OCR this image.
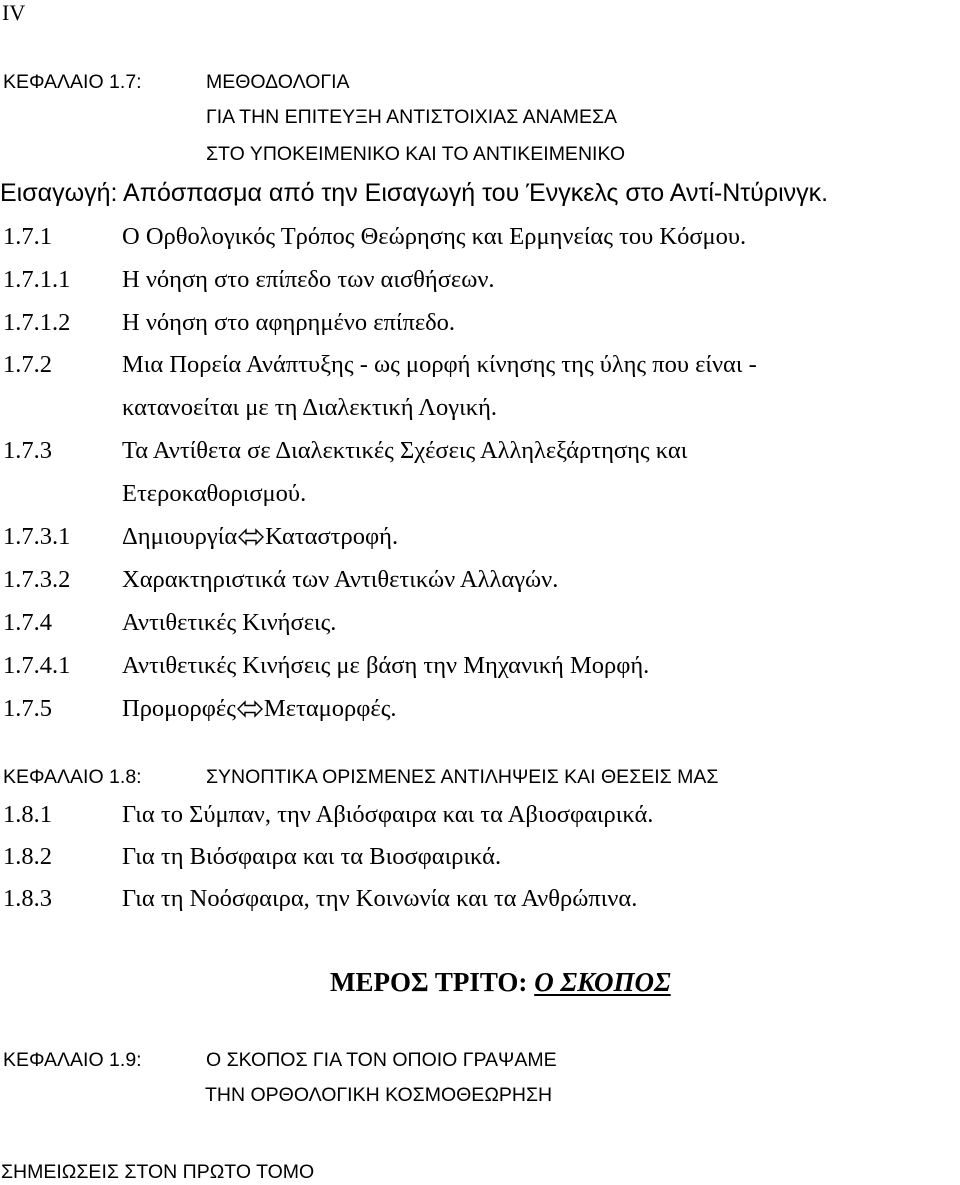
IV
ΚΕΦΑΛΑΙΟ 1.7:	ΜΕΘΟΔΟΛΟΓΙΑ
ΓΙΑ ΤΗΝ ΕΠΙΤΕΥΞΗ ΑΝΤΙΣΤΟΙΧΙΑΣ ΑΝΑΜΕΣΑ
ΣΤΟ ΥΠΟΚΕΙΜΕΝΙΚΟ ΚΑΙ ΤΟ ΑΝΤΙΚΕΙΜΕΝΙΚΟ
Εισαγωγή: Απόσπασμα από την Εισαγωγή του Ένγκελς στο Αντί-Ντύρινγκ.
1.7.1	Ο Ορθολογικός Τρόπος Θεώρησης και Ερμηνείας του Κόσμου.
1.7.1.1 Η νόηση στο επίπεδο των αισθήσεων.
1.7.1.2 Η νόηση στο αφηρημένο επίπεδο.
1.7.2	Μια Πορεία Ανάπτυξης - ως μορφή κίνησης της ύλης που είναι -
κατανοείται με τη Διαλεκτική Λογική.
1.7.3	Τα Αντίθετα σε Διαλεκτικές Σχέσεις Αλληλεξάρτησης και
Ετεροκαθορισμού.
1.7.3.1 Δημιουργία Καταστροφή.
1.7.3.2 Χαρακτηριστικά των Αντιθετικών Αλλαγών.
1.7.4	Αντιθετικές Κινήσεις.
1.7.4.1 Αντιθετικές Κινήσεις με βάση την Μηχανική Μορφή.
1.7.5	Προμορφές Μεταμορφές.
ΚΕΦΑΛΑΙΟ 1.8:	ΣΥΝΟΠΤΙΚΑ ΟΡΙΣΜΕΝΕΣ ΑΝΤΙΛΗΨΕΙΣ ΚΑΙ ΘΕΣΕΙΣ ΜΑΣ
1.8.1	Για το Σύμπαν, την Αβιόσφαιρα και τα Αβιοσφαιρικά.
1.8.2	Για τη Βιόσφαιρα και τα Βιοσφαιρικά.
1.8.3	Για τη Νοόσφαιρα, την Κοινωνία και τα Ανθρώπινα.
ΜΕΡΟΣ ΤΡΙΤΟ: Ο ΣΚΟΠΟΣ
ΚΕΦΑΛΑΙΟ 1.9:	Ο ΣΚΟΠΟΣ ΓΙΑ ΤΟΝ ΟΠΟΙΟ ΓΡΑΨΑΜΕ
ΤΗΝ ΟΡΘΟΛΟΓΙΚΗ ΚΟΣΜΟΘΕΩΡΗΣΗ
ΣΗΜΕΙΩΣΕΙΣ ΣΤΟΝ ΠΡΩΤΟ ΤΟΜΟ
